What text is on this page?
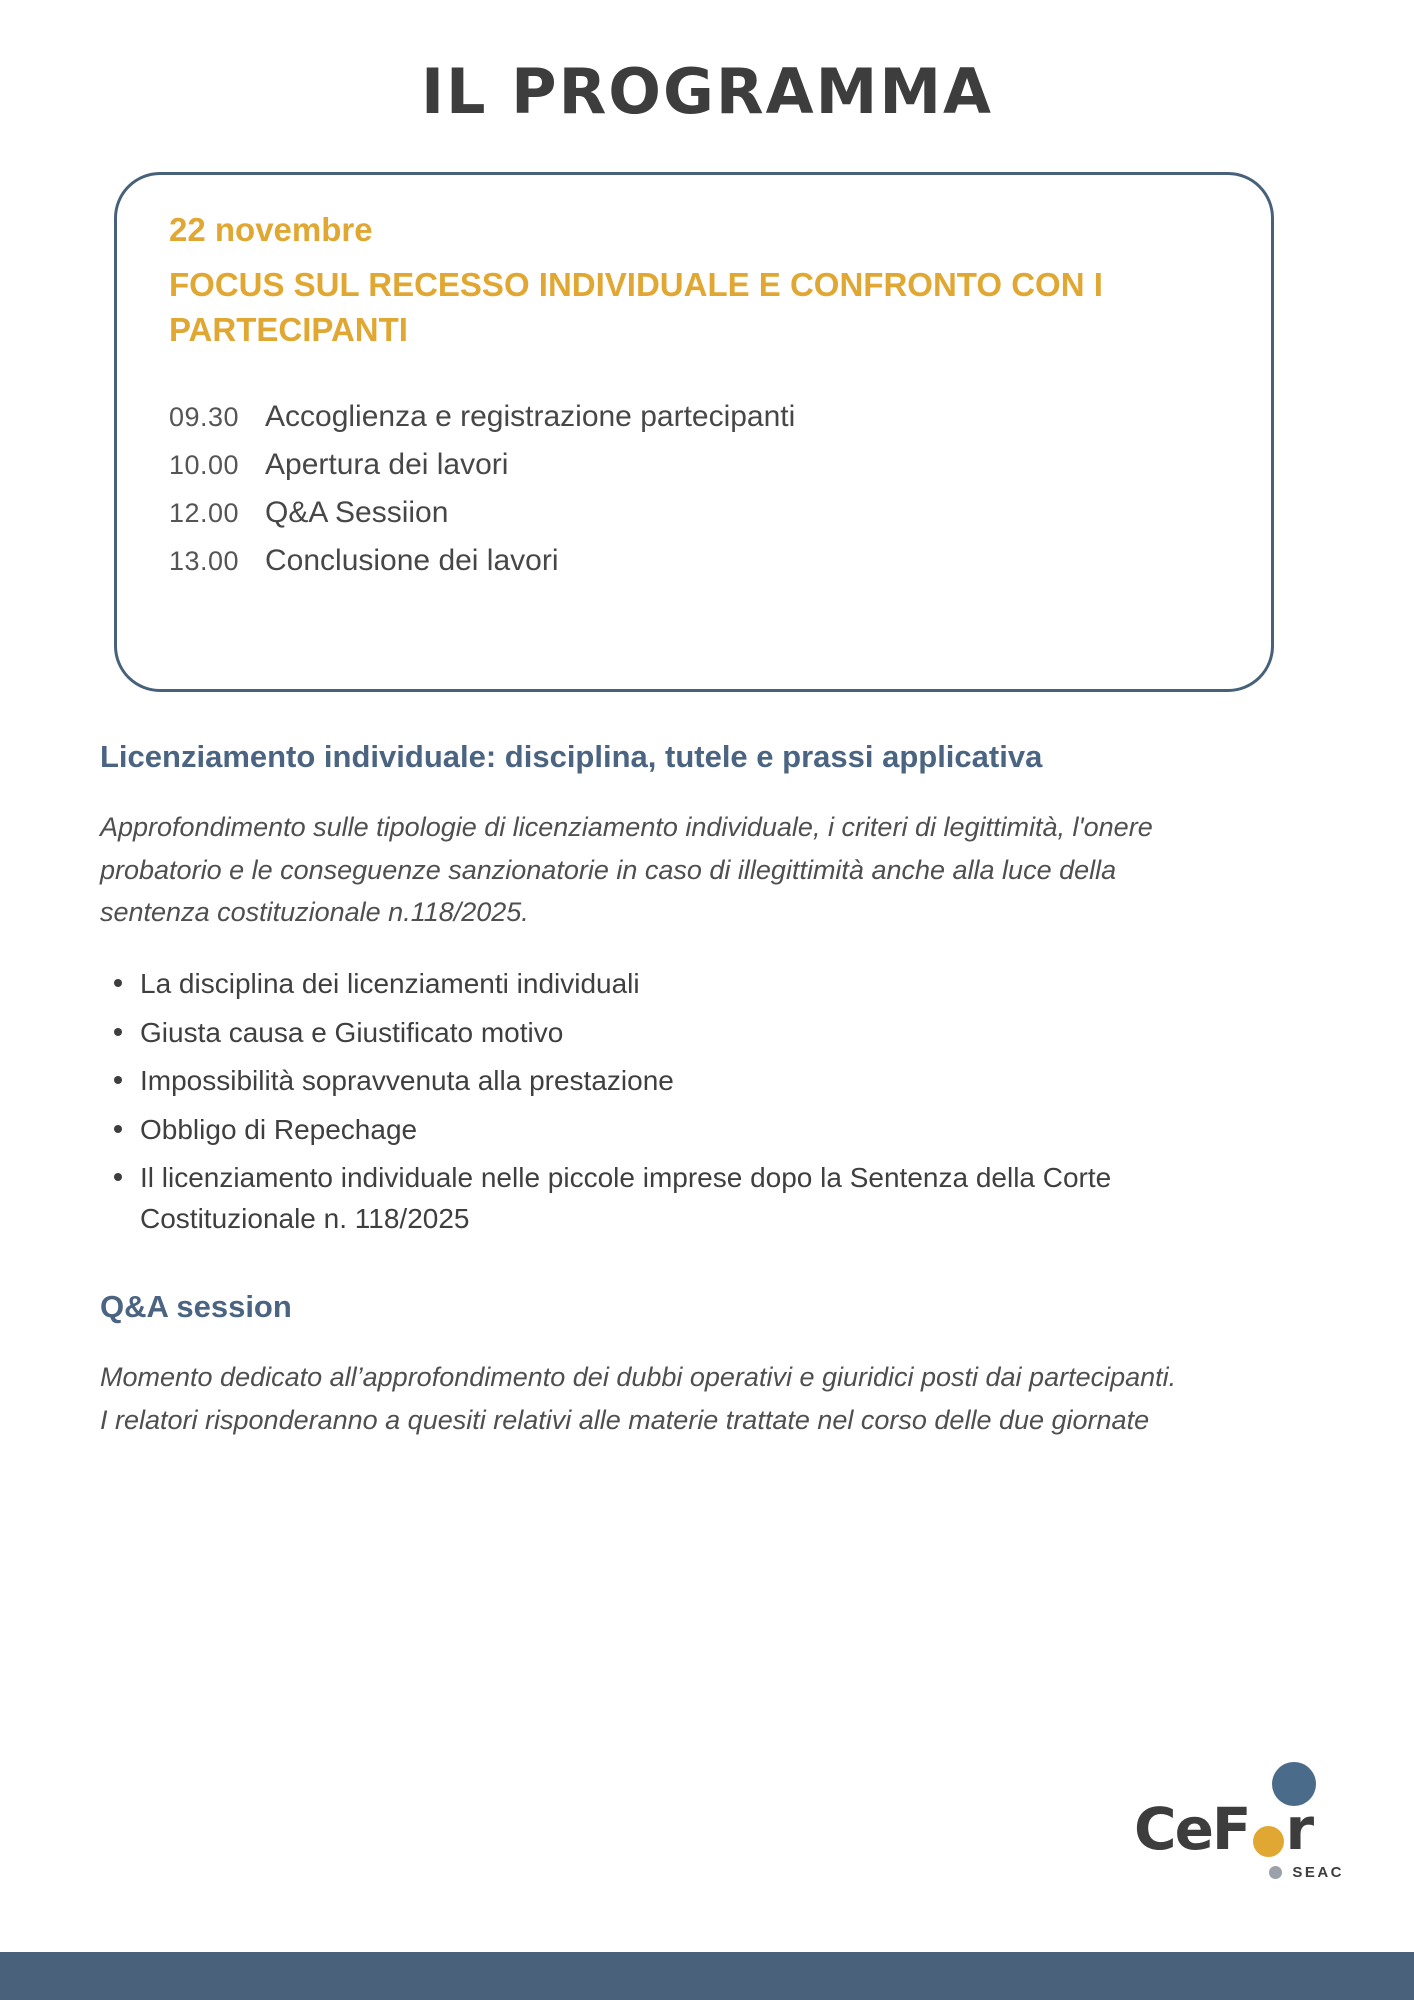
IL PROGRAMMA
22 novembre
FOCUS SUL RECESSO INDIVIDUALE E CONFRONTO CON I PARTECIPANTI
09.30 Accoglienza e registrazione partecipanti
10.00 Apertura dei lavori
12.00 Q&A Sessiion
13.00 Conclusione dei lavori
Licenziamento individuale: disciplina, tutele e prassi applicativa

Approfondimento sulle tipologie di licenziamento individuale, i criteri di legittimità, l'onere probatorio e le conseguenze sanzionatorie in caso di illegittimità anche alla luce della sentenza costituzionale n.118/2025.

La disciplina dei licenziamenti individuali
Giusta causa e Giustificato motivo
Impossibilità sopravvenuta alla prestazione
Obbligo di Repechage
Il licenziamento individuale nelle piccole imprese dopo la Sentenza della Corte Costituzionale n. 118/2025
Q&A session

Momento dedicato all’approfondimento dei dubbi operativi e giuridici posti dai partecipanti. I relatori risponderanno a quesiti relativi alle materie trattate nel corso delle due giornate

CeF r
SEAC
